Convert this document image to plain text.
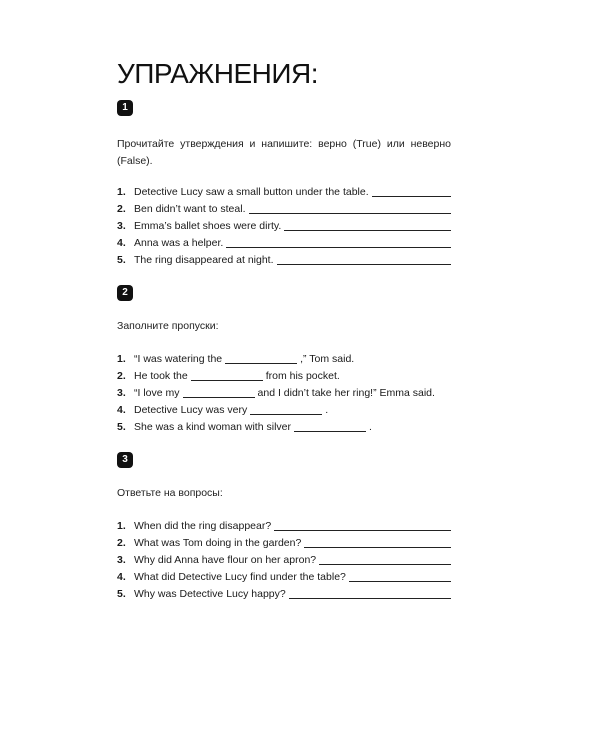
УПРАЖНЕНИЯ:
1

Прочитайте утверждения и напишите: верно (True) или неверно (False).

1. Detective Lucy saw a small button under the table.
2. Ben didn’t want to steal.
3. Emma’s ballet shoes were dirty.
4. Anna was a helper.
5. The ring disappeared at night.
2

Заполните пропуски:

1. “I was watering the	,” Tom said.
2. He took the	from his pocket.
3. “I love my	and I didn’t take her ring!” Emma said.
4. Detective Lucy was very	.
5. She was a kind woman with silver	.
3

Ответьте на вопросы:

1. When did the ring disappear?
2. What was Tom doing in the garden?
3. Why did Anna have flour on her apron?
4. What did Detective Lucy find under the table?
5. Why was Detective Lucy happy?
